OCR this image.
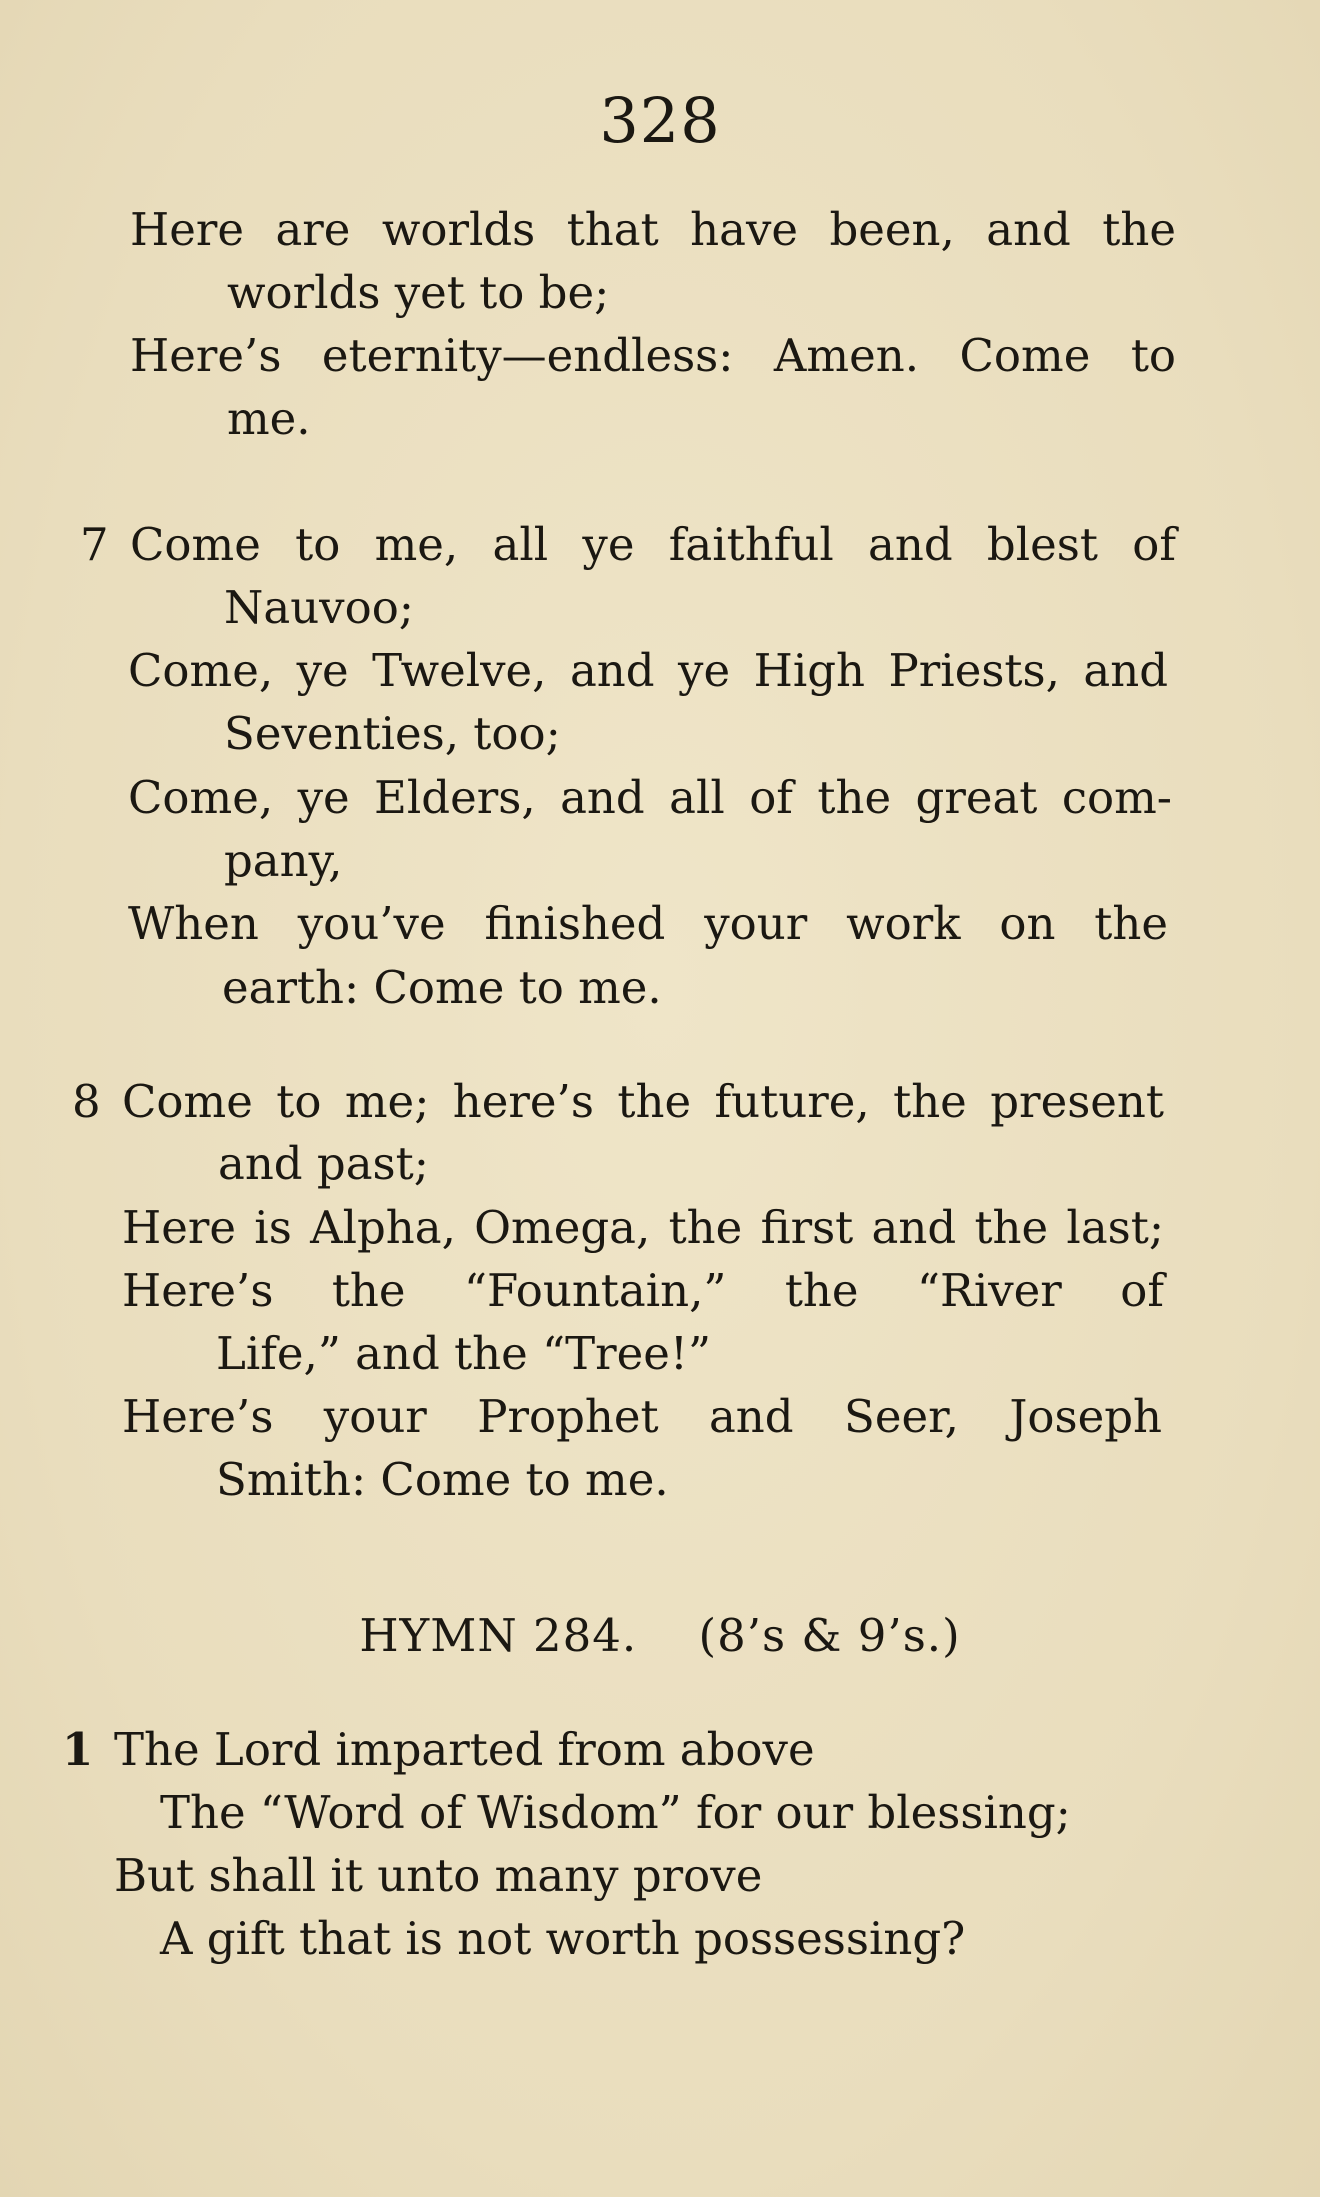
328
Here are worlds that have been, and the
worlds yet to be;
Here’s eternity—endless: Amen. Come to
me.
7 Come to me, all ye faithful and blest of
Nauvoo;
Come, ye Twelve, and ye High Priests, and
Seventies, too;
Come, ye Elders, and all of the great com-
pany,
When you’ve finished your work on the
earth: Come to me.
8 Come to me; here’s the future, the present
and past;
Here is Alpha, Omega, the first and the last;
Here’s the “Fountain,” the “River of
Life,” and the “Tree!”
Here’s your Prophet and Seer, Joseph
Smith: Come to me.
HYMN 284. (8’s & 9’s.)
1 The Lord imparted from above
The “Word of Wisdom” for our blessing;
But shall it unto many prove
A gift that is not worth possessing?
